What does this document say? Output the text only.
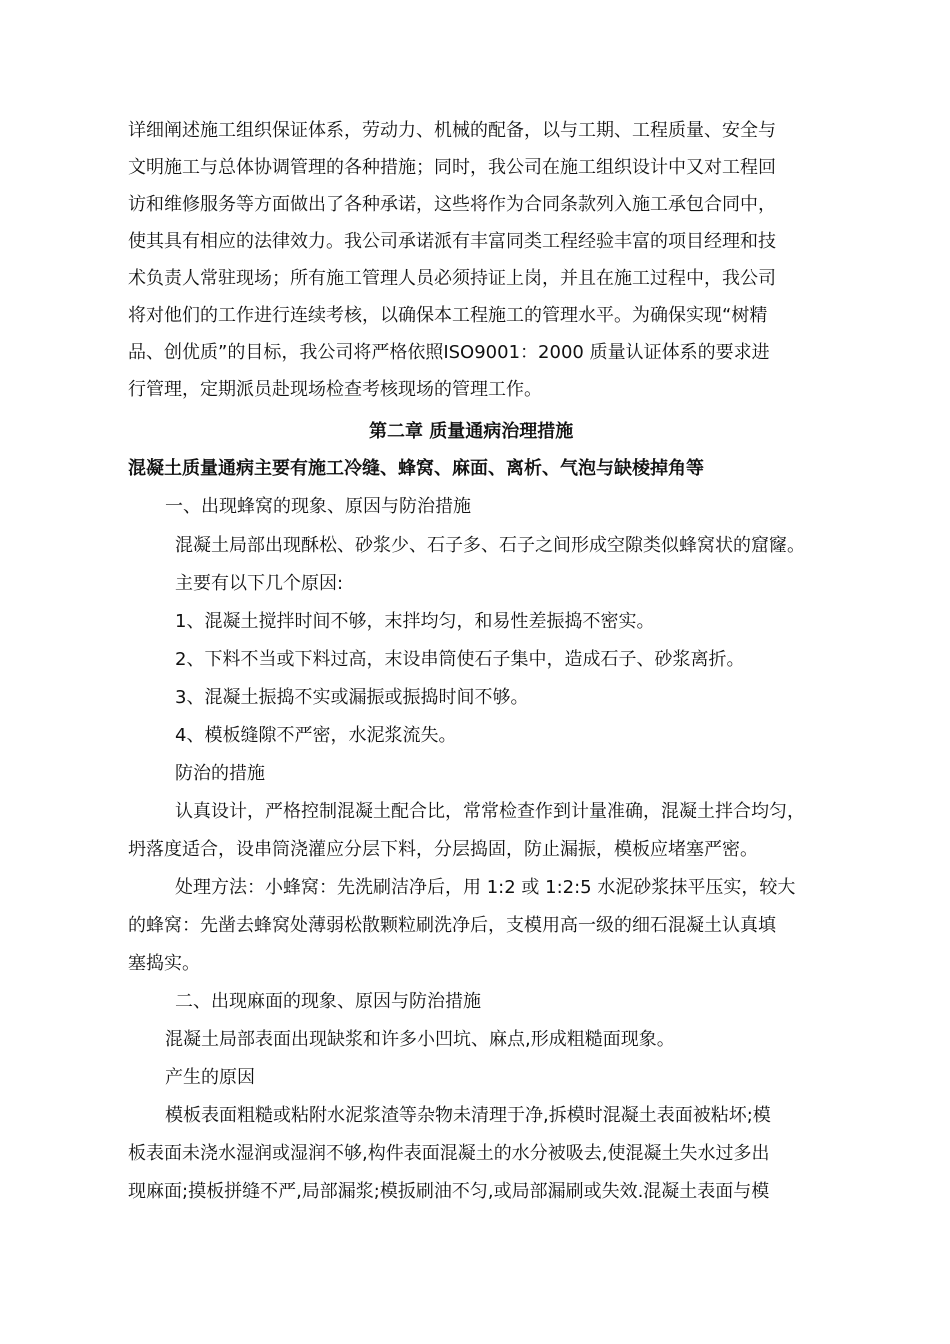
详细阐述施工组织保证体系，劳动力、机械的配备，以与工期、工程质量、安全与
文明施工与总体协调管理的各种措施；同时，我公司在施工组织设计中又对工程回
访和维修服务等方面做出了各种承诺，这些将作为合同条款列入施工承包合同中，
使其具有相应的法律效力。我公司承诺派有丰富同类工程经验丰富的项目经理和技
术负责人常驻现场；所有施工管理人员必须持证上岗，并且在施工过程中，我公司
将对他们的工作进行连续考核，以确保本工程施工的管理水平。为确保实现“树精
品、创优质”的目标，我公司将严格依照ISO9001：2000 质量认证体系的要求进
行管理，定期派员赴现场检查考核现场的管理工作。
第二章 质量通病治理措施
混凝土质量通病主要有施工冷缝、蜂窝、麻面、离析、气泡与缺棱掉角等
一、出现蜂窝的现象、原因与防治措施
混凝土局部出现酥松、砂浆少、石子多、石子之间形成空隙类似蜂窝状的窟窿。
主要有以下几个原因:
1、混凝土搅拌时间不够，末拌均匀，和易性差振捣不密实。
2、下料不当或下料过高，末设串筒使石子集中，造成石子、砂浆离折。
3、混凝土振捣不实或漏振或振捣时间不够。
4、模板缝隙不严密，水泥浆流失。
防治的措施
认真设计，严格控制混凝土配合比，常常检查作到计量准确，混凝土拌合均匀，
坍落度适合，设串筒浇灌应分层下料，分层捣固，防止漏振，模板应堵塞严密。
处理方法：小蜂窝：先洗刷洁净后，用 1:2 或 1:2:5 水泥砂浆抹平压实，较大
的蜂窝：先凿去蜂窝处薄弱松散颗粒刷洗净后，支模用高一级的细石混凝土认真填
塞捣实。
二、出现麻面的现象、原因与防治措施
混凝土局部表面出现缺浆和许多小凹坑、麻点,形成粗糙面现象。
产生的原因
模板表面粗糙或粘附水泥浆渣等杂物未清理于净,拆模时混凝土表面被粘坏;模
板表面未浇水湿润或湿润不够,构件表面混凝土的水分被吸去,使混凝土失水过多出
现麻面;摸板拼缝不严,局部漏浆;模扳刷油不匀,或局部漏刷或失效.混凝土表面与模
